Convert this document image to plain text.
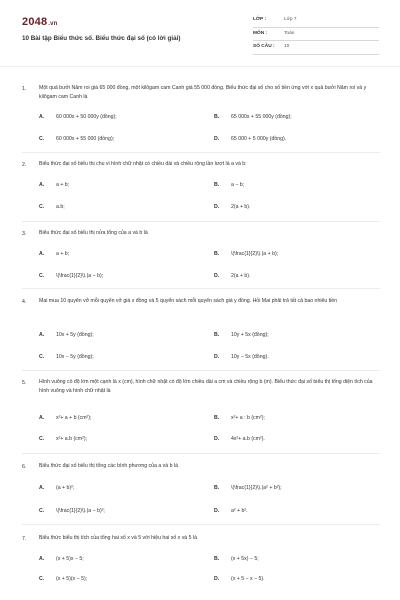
2048.vn
10 Bài tập Biểu thức số. Biểu thức đại số (có lời giải)
LỚP :	Lớp 7
MÔN :	Toán
SỐ CÂU : 10
1. Một quả bưởi Năm roi giá 65 000 đồng, một kilôgam cam Canh giá 55 000 đồng. Biểu thức đại số cho số tiền ứng với x quả bưởi Năm roi và y kilôgam cam Canh là
A. 60 000x + 50 000y (đồng);	B. 65 000x + 55 000y (đồng);
C. 60 000x + 55 000 (đồng);	D. 65 000 + 5 000y (đồng).
2. Biểu thức đại số biểu thị chu vi hình chữ nhật có chiều dài và chiều rộng lần lượt là a và b:
A. a + b;	B. a − b;
C. a.b;	D. 2(a + b).
3. Biểu thức đại số biểu thị nửa tổng của a và b là
A. a + b;	B. \(\frac{1}{2}\).(a + b);
C. \(\frac{1}{2}\).(a − b);	D. 2(a + b).
4. Mai mua 10 quyển vở mỗi quyển vở giá x đồng và 5 quyển sách mỗi quyển sách giá y đồng. Hỏi Mai phải trả tất cả bao nhiêu tiền
A. 10x + 5y (đồng);	B. 10y + 5x (đồng);
C. 10x − 5y (đồng);	D. 10y − 5x (đồng).
5. Hình vuông có độ lớn một cạnh là x (cm), hình chữ nhật có độ lớn chiều dài a cm và chiều rộng b (m). Biểu thức đại số biểu thị tổng diện tích của hình vuông và hình chữ nhật là
A. x²+ a + b (cm²);	B. x²+ a : b (cm²);
C. x²+ a.b (cm²);	D. 4x²+ a.b (cm²).
6. Biểu thức đại số biểu thị tổng các bình phương của a và b là
A. (a + b)²;	B. \(\frac{1}{2}\).(a² + b²);
C. \(\frac{1}{2}\).(a − b)²;	D. a² + b².
7. Biểu thức biểu thị tích của tổng hai số x và 5 với hiệu hai số x và 5 là
A. (x + 5)x − 5;	B. (x + 5x) − 5;
C. (x + 5)(x − 5);	D. (x + 5 − x − 5).
